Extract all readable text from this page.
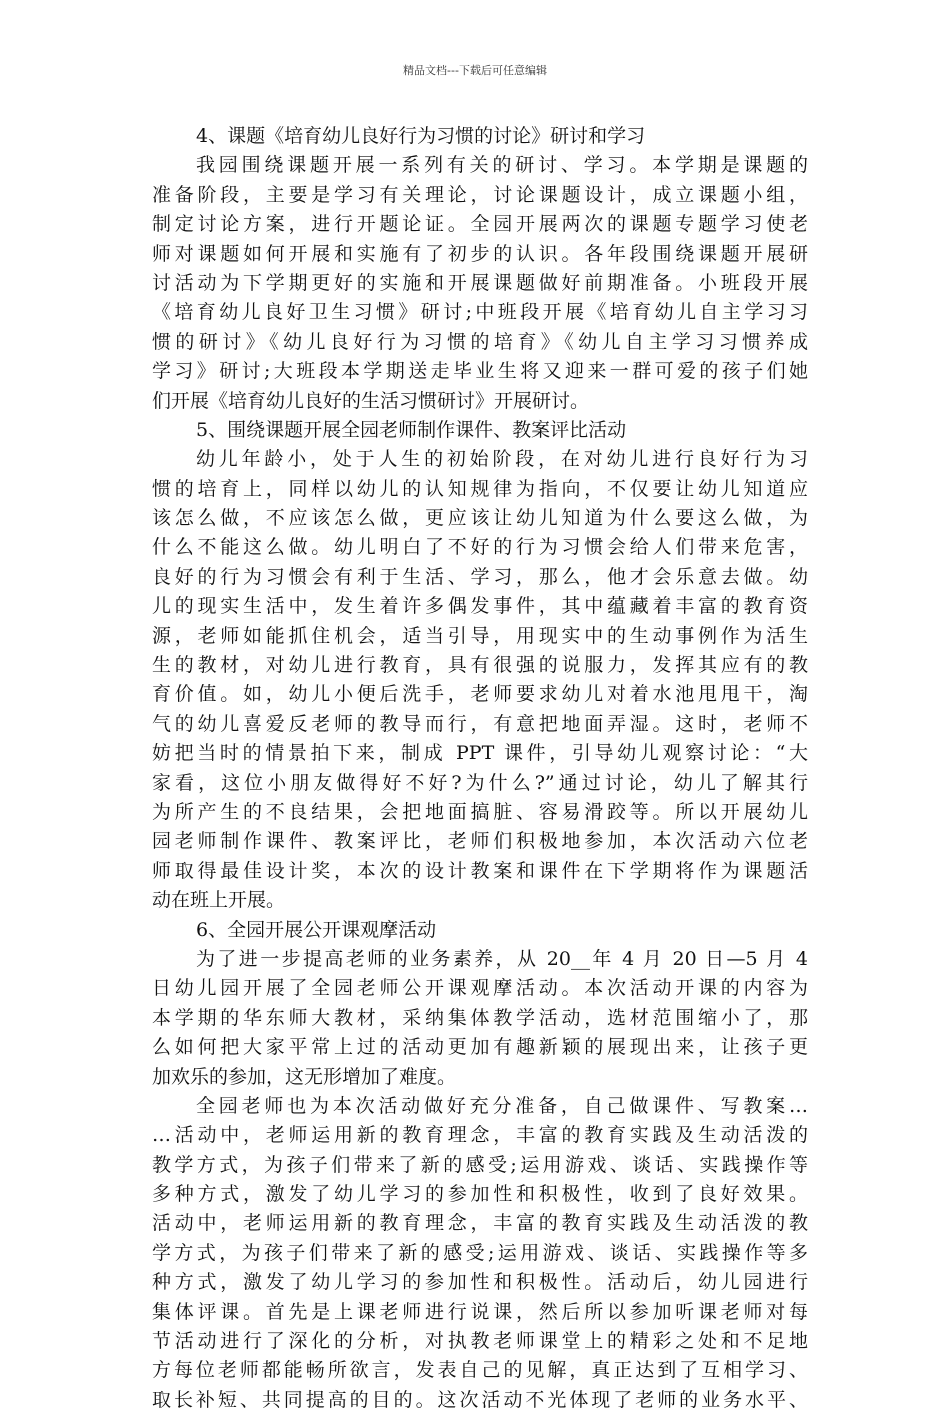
精品文档---下载后可任意编辑
4、课题《培育幼儿良好行为习惯的讨论》研讨和学习
我园围绕课题开展一系列有关的研讨、学习。本学期是课题的
准备阶段，主要是学习有关理论，讨论课题设计，成立课题小组，
制定讨论方案，进行开题论证。全园开展两次的课题专题学习使老
师对课题如何开展和实施有了初步的认识。各年段围绕课题开展研
讨活动为下学期更好的实施和开展课题做好前期准备。小班段开展
《培育幼儿良好卫生习惯》研讨;中班段开展《培育幼儿自主学习习
惯的研讨》《幼儿良好行为习惯的培育》《幼儿自主学习习惯养成
学习》研讨;大班段本学期送走毕业生将又迎来一群可爱的孩子们她
们开展《培育幼儿良好的生活习惯研讨》开展研讨。
5、围绕课题开展全园老师制作课件、教案评比活动
幼儿年龄小，处于人生的初始阶段，在对幼儿进行良好行为习
惯的培育上，同样以幼儿的认知规律为指向，不仅要让幼儿知道应
该怎么做，不应该怎么做，更应该让幼儿知道为什么要这么做，为
什么不能这么做。幼儿明白了不好的行为习惯会给人们带来危害，
良好的行为习惯会有利于生活、学习，那么，他才会乐意去做。幼
儿的现实生活中，发生着许多偶发事件，其中蕴藏着丰富的教育资
源，老师如能抓住机会，适当引导，用现实中的生动事例作为活生
生的教材，对幼儿进行教育，具有很强的说服力，发挥其应有的教
育价值。如，幼儿小便后洗手，老师要求幼儿对着水池甩甩干，淘
气的幼儿喜爱反老师的教导而行，有意把地面弄湿。这时，老师不
妨把当时的情景拍下来，制成 PPT 课件，引导幼儿观察讨论：“大
家看，这位小朋友做得好不好?为什么?”通过讨论，幼儿了解其行
为所产生的不良结果，会把地面搞脏、容易滑跤等。所以开展幼儿
园老师制作课件、教案评比，老师们积极地参加，本次活动六位老
师取得最佳设计奖，本次的设计教案和课件在下学期将作为课题活
动在班上开展。
6、全园开展公开课观摩活动
为了进一步提高老师的业务素养，从 20__年 4 月 20 日—5 月 4
日幼儿园开展了全园老师公开课观摩活动。本次活动开课的内容为
本学期的华东师大教材，采纳集体教学活动，选材范围缩小了，那
么如何把大家平常上过的活动更加有趣新颖的展现出来，让孩子更
加欢乐的参加，这无形增加了难度。
全园老师也为本次活动做好充分准备，自己做课件、写教案…
…活动中，老师运用新的教育理念，丰富的教育实践及生动活泼的
教学方式，为孩子们带来了新的感受;运用游戏、谈话、实践操作等
多种方式，激发了幼儿学习的参加性和积极性，收到了良好效果。
活动中，老师运用新的教育理念，丰富的教育实践及生动活泼的教
学方式，为孩子们带来了新的感受;运用游戏、谈话、实践操作等多
种方式，激发了幼儿学习的参加性和积极性。活动后，幼儿园进行
集体评课。首先是上课老师进行说课，然后所以参加听课老师对每
节活动进行了深化的分析，对执教老师课堂上的精彩之处和不足地
方每位老师都能畅所欲言，发表自己的见解，真正达到了互相学习、
取长补短、共同提高的目的。这次活动不光体现了老师的业务水平、
